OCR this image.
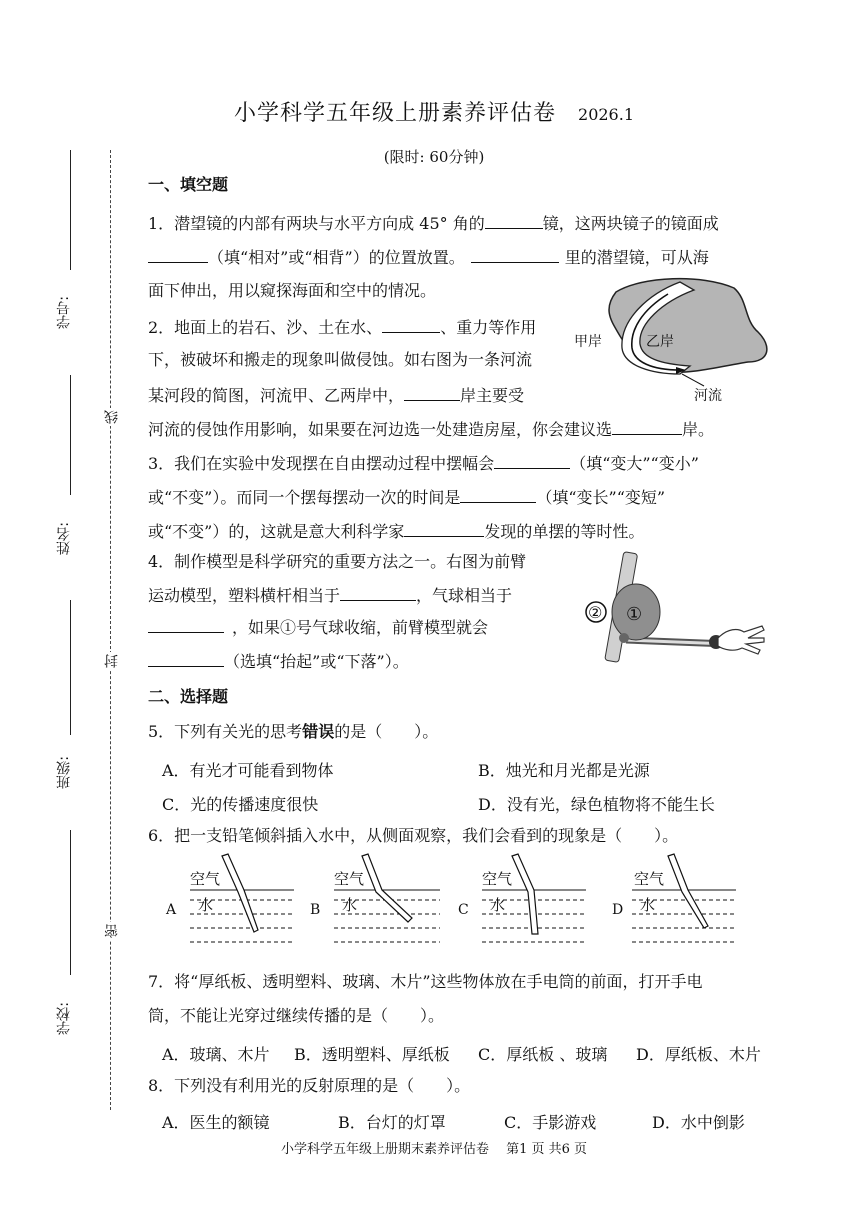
学号:
姓名:
班级:
学校:
线
封
密
小学科学五年级上册素养评估卷 2026.1
(限时: 60分钟)
一、填空题
1．潜望镜的内部有两块与水平方向成 45° 角的	镜，这两块镜子的镜面成
（填“相对”或“相背”）的位置放置。	里的潜望镜，可从海
面下伸出，用以窥探海面和空中的情况。
2．地面上的岩石、沙、土在水、	、重力等作用
下，被破坏和搬走的现象叫做侵蚀。如右图为一条河流
某河段的简图，河流甲、乙两岸中，	岸主要受
河流的侵蚀作用影响，如果要在河边选一处建造房屋，你会建议选	岸。
甲岸	乙岸
河流
3．我们在实验中发现摆在自由摆动过程中摆幅会	（填“变大”“变小”
或“不变”）。而同一个摆每摆动一次的时间是	（填“变长”“变短”
或“不变”）的，这就是意大利科学家	发现的单摆的等时性。
4．制作模型是科学研究的重要方法之一。右图为前臂
运动模型，塑料横杆相当于	，气球相当于
，如果①号气球收缩，前臂模型就会
（选填“抬起”或“下落”）。
② ①
二、选择题
5．下列有关光的思考错误的是（　　）。
A．有光才可能看到物体	B．烛光和月光都是光源
C．光的传播速度很快	D．没有光，绿色植物将不能生长
6．把一支铅笔倾斜插入水中，从侧面观察，我们会看到的现象是（　　）。
A
空气
水	B
空气
水	C
空气
水	D
空气
水
7．将“厚纸板、透明塑料、玻璃、木片”这些物体放在手电筒的前面，打开手电
筒，不能让光穿过继续传播的是（　　）。
A．玻璃、木片 B．透明塑料、厚纸板 C．厚纸板 、玻璃 D．厚纸板、木片
8．下列没有利用光的反射原理的是（　　）。
A．医生的额镜	B．台灯的灯罩	C．手影游戏	D．水中倒影
小学科学五年级上册期末素养评估卷　 第1 页 共6 页
